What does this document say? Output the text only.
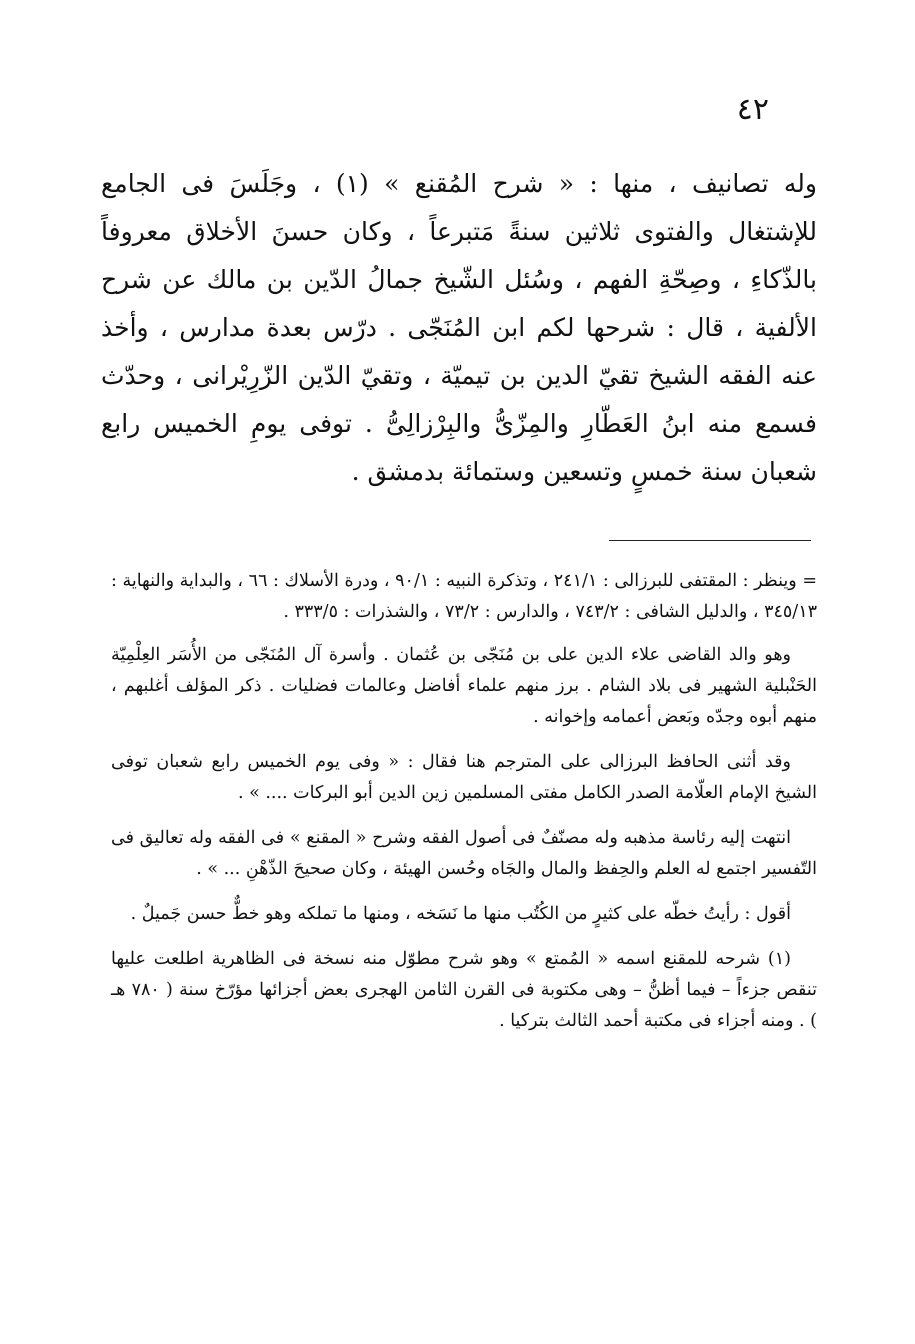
٤٢

وله تصانيف ، منها : « شرح المُقنع » (١) ، وجَلَسَ فى الجامع للإشتغال والفتوى ثلاثين سنةً مَتبرعاً ، وكان حسنَ الأخلاق معروفاً بالذّكاءِ ، وصِحّةِ الفهم ، وسُئل الشّيخ جمالُ الدّين بن مالك عن شرح الألفية ، قال : شرحها لكم ابن المُنَجّى . درّس بعدة مدارس ، وأخذ عنه الفقه الشيخ تقيّ الدين بن تيميّة ، وتقيّ الدّين الزّرِيْرانى ، وحدّث فسمع منه ابنُ العَطّارِ والمِزّىُّ والبِرْزالِىُّ . توفى يومِ الخميس رابع شعبان سنة خمسٍ وتسعين وستمائة بدمشق .

= وينظر : المقتفى للبرزالى : ٢٤١/١ ، وتذكرة النبيه : ٩٠/١ ، ودرة الأسلاك : ٦٦ ، والبداية والنهاية : ٣٤٥/١٣ ، والدليل الشافى : ٧٤٣/٢ ، والدارس : ٧٣/٢ ، والشذرات : ٣٣٣/٥ .

وهو والد القاضى علاء الدين على بن مُنَجّى بن عُثمان . وأسرة آل المُنَجّى من الأُسَر العِلْمِيّة الحَنْبلية الشهير فى بلاد الشام . برز منهم علماء أفاضل وعالمات فضليات . ذكر المؤلف أغلبهم ، منهم أبوه وجدّه وبَعض أعمامه وإخوانه .

وقد أثنى الحافظ البرزالى على المترجم هنا فقال : « وفى يوم الخميس رابع شعبان توفى الشيخ الإمام العلّامة الصدر الكامل مفتى المسلمين زين الدين أبو البركات .... » .

انتهت إليه رئاسة مذهبه وله مصنّفٌ فى أصول الفقه وشرح « المقنع » فى الفقه وله تعاليق فى التّفسير اجتمع له العلم والحِفظ والمال والجَاه وحُسن الهيئة ، وكان صحيحَ الذّهْنِ ... » .

أقول : رأيتُ خطّه على كثيرٍ من الكُتُب منها ما نَسَخه ، ومنها ما تملكه وهو خطٌّ حسن جَميلٌ .

(١) شرحه للمقنع اسمه « المُمتع » وهو شرح مطوّل منه نسخة فى الظاهرية اطلعت عليها تنقص جزءاً – فيما أظنُّ – وهى مكتوبة فى القرن الثامن الهجرى بعض أجزائها مؤرّخ سنة ( ٧٨٠ هـ ) . ومنه أجزاء فى مكتبة أحمد الثالث بتركيا .
